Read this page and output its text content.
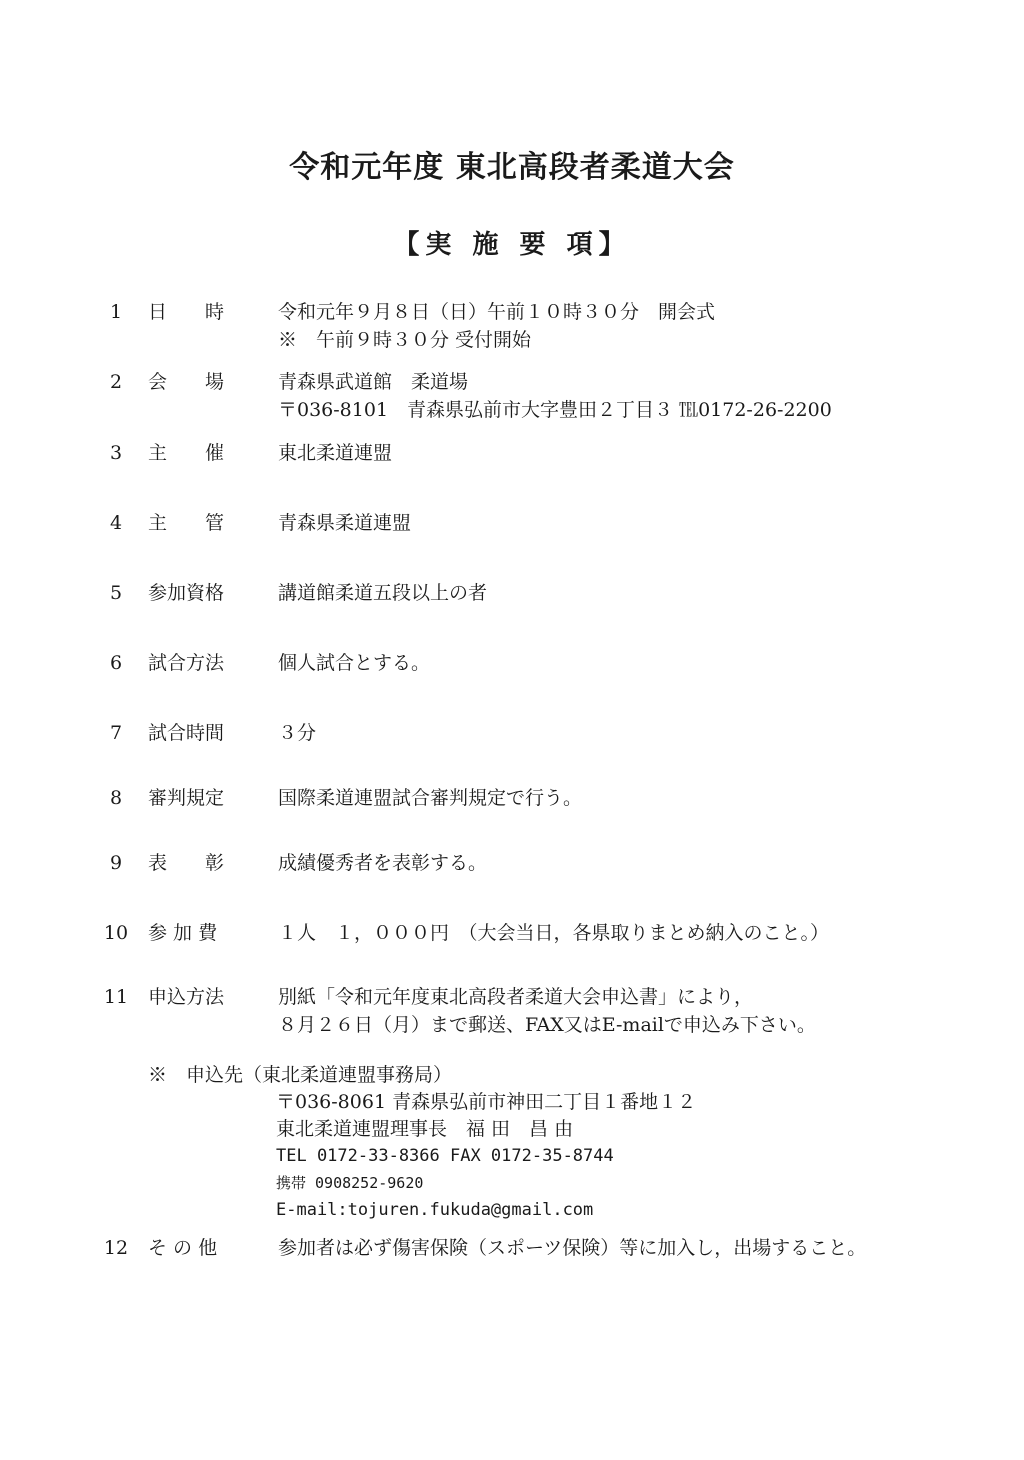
令和元年度 東北高段者柔道大会
【実 施 要 項】
1	日　　時	令和元年９月８日（日）午前１０時３０分　開会式
※　午前９時３０分 受付開始
2	会　　場	青森県武道館　柔道場
〒036-8101　青森県弘前市大字豊田２丁目３ ℡0172-26-2200
3	主　　催	東北柔道連盟
4	主　　管	青森県柔道連盟
5	参加資格	講道館柔道五段以上の者
6	試合方法	個人試合とする。
7	試合時間	３分
8	審判規定	国際柔道連盟試合審判規定で行う。
9	表　　彰	成績優秀者を表彰する。
10 参 加 費	１人　１，０００円　（大会当日，各県取りまとめ納入のこと。）
11 申込方法	別紙「令和元年度東北高段者柔道大会申込書」により，
８月２６日（月）まで郵送、FAX又はE-mailで申込み下さい。
※　申込先（東北柔道連盟事務局）
〒036-8061 青森県弘前市神田二丁目１番地１２
東北柔道連盟理事長　福 田　昌 由
TEL 0172-33-8366 FAX 0172-35-8744
携帯 0908252-9620
E-mail:tojuren.fukuda@gmail.com
12 そ の 他	参加者は必ず傷害保険（スポーツ保険）等に加入し，出場すること。
